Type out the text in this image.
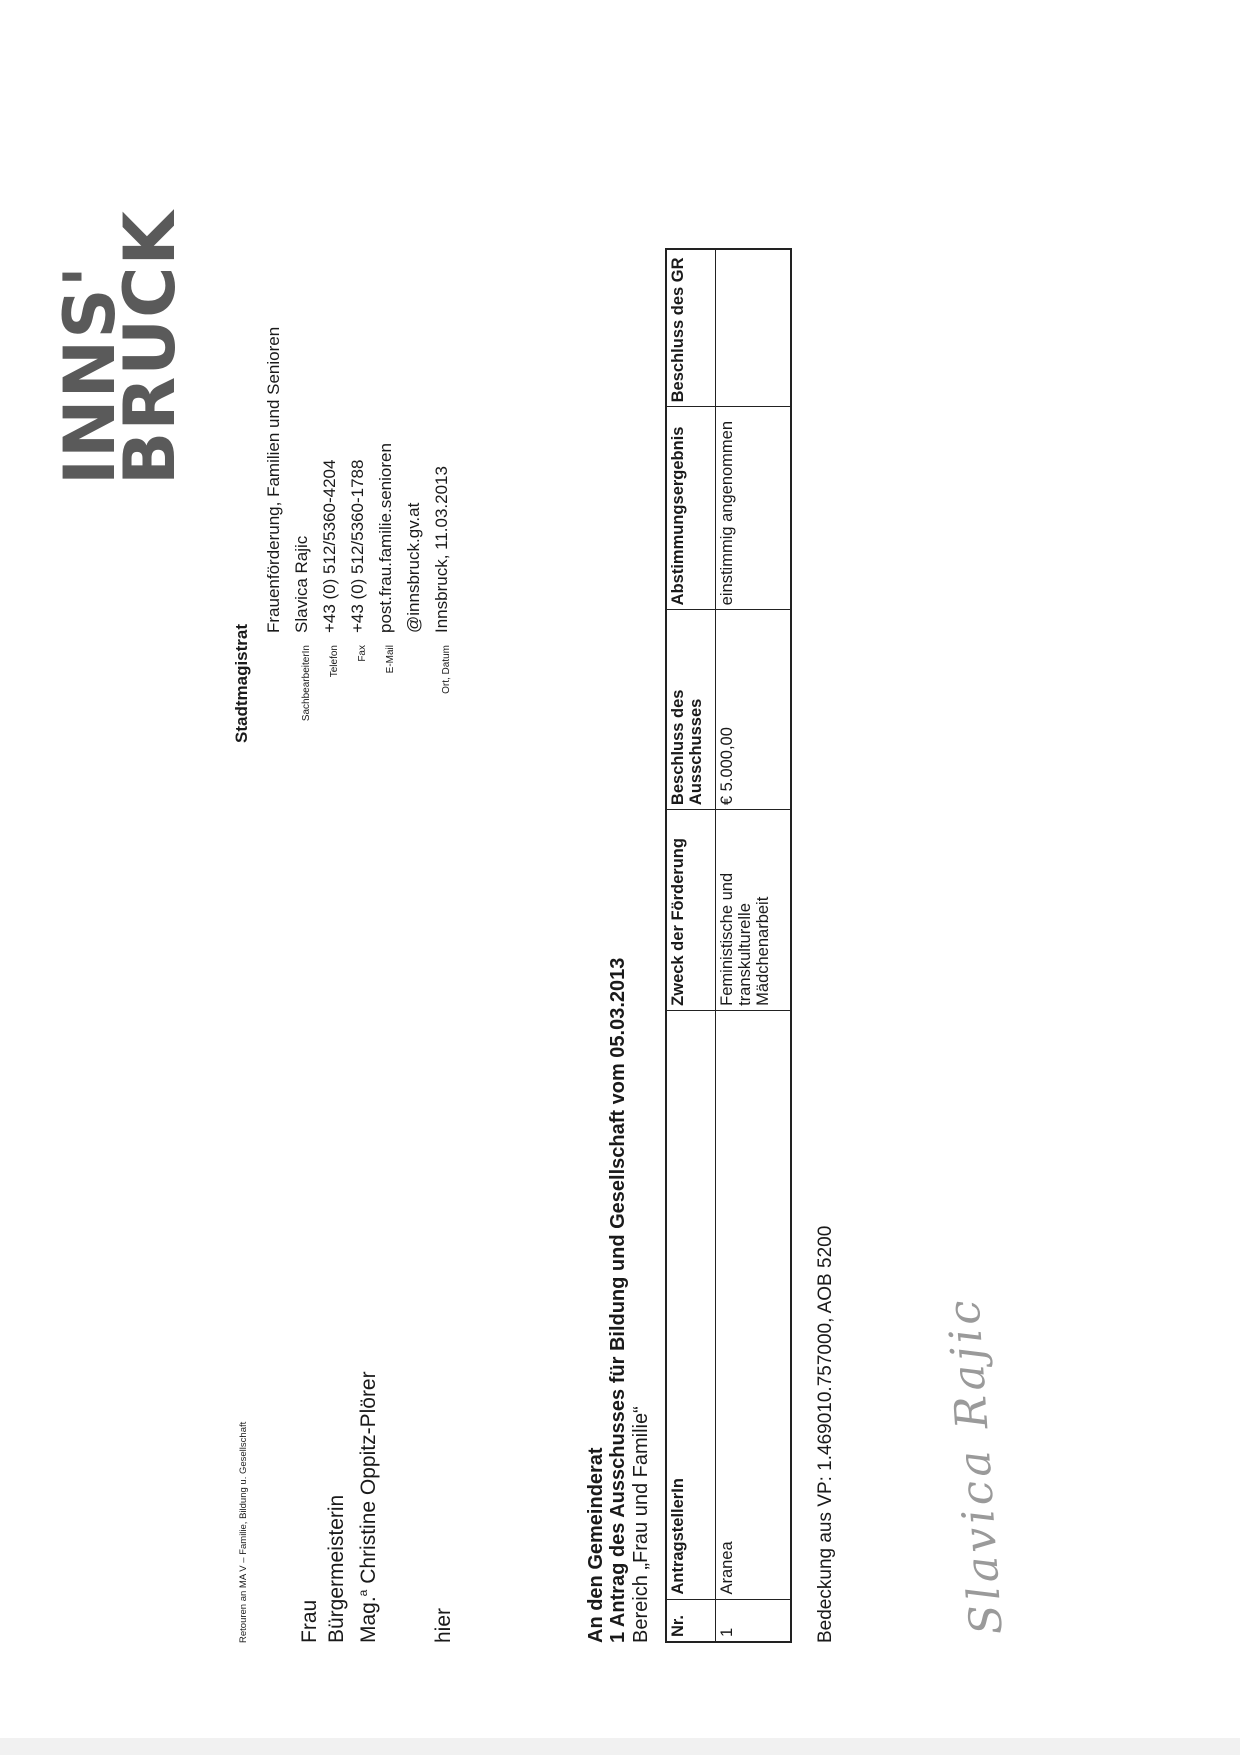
INNS'
BRUCK
Stadtmagistrat
	Frauenförderung, Familien und Senioren
SachbearbeiterIn	Slavica Rajic
Telefon	+43 (0) 512/5360-4204
Fax	+43 (0) 512/5360-1788
E-Mail	post.frau.familie.senioren
	@innsbruck.gv.at
Ort, Datum	Innsbruck, 11.03.2013
Retouren an MA V – Familie, Bildung u. Gesellschaft Frau Bürgermeisterin Mag.$^a$ Christine Oppitz-Plörer
hier	An den Gemeinderat 1 Antrag des Ausschusses für Bildung und Gesellschaft vom 05.03.2013 Bereich „Frau und Familie“ Nr.	AntragstellerIn	Zweck der Förderung	Beschluss des Ausschusses	Abstimmungsergebnis	Beschluss des GR
1	Aranea	Feministische und transkulturelle Mädchenarbeit	€ 5.000,00	einstimmig angenommen	
Bedeckung aus VP: 1.469010.757000, AOB 5200 Slavica Rajic
